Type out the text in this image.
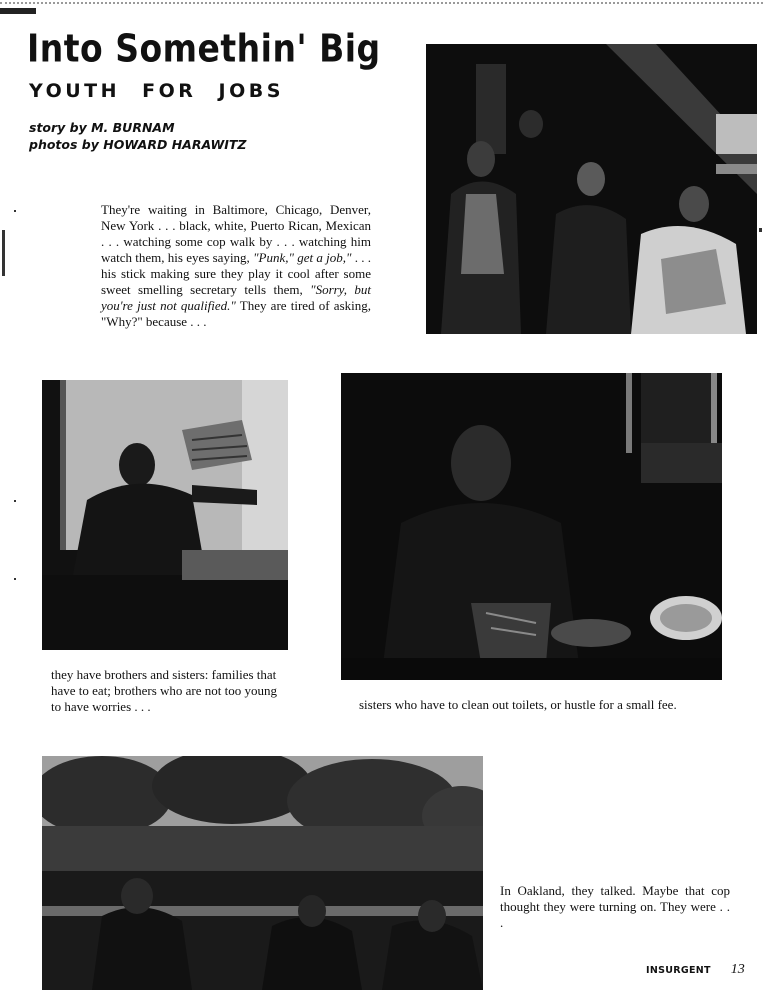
Into Somethin' Big
YOUTH FOR JOBS
story by M. BURNAM
photos by HOWARD HARAWITZ
They're waiting in Baltimore, Chicago, Denver, New York . . . black, white, Puerto Rican, Mexican . . . watching some cop walk by . . . watching him watch them, his eyes saying, "Punk," get a job," . . . his stick making sure they play it cool after some sweet smelling secretary tells them, "Sorry, but you're just not qualified." They are tired of asking, "Why?" because . . .
they have brothers and sisters: families that have to eat; brothers who are not too young to have worries . . .	sisters who have to clean out toilets, or hustle for a small fee.
In Oakland, they talked. Maybe that cop thought they were turning on. They were . . .
INSURGENT 13
